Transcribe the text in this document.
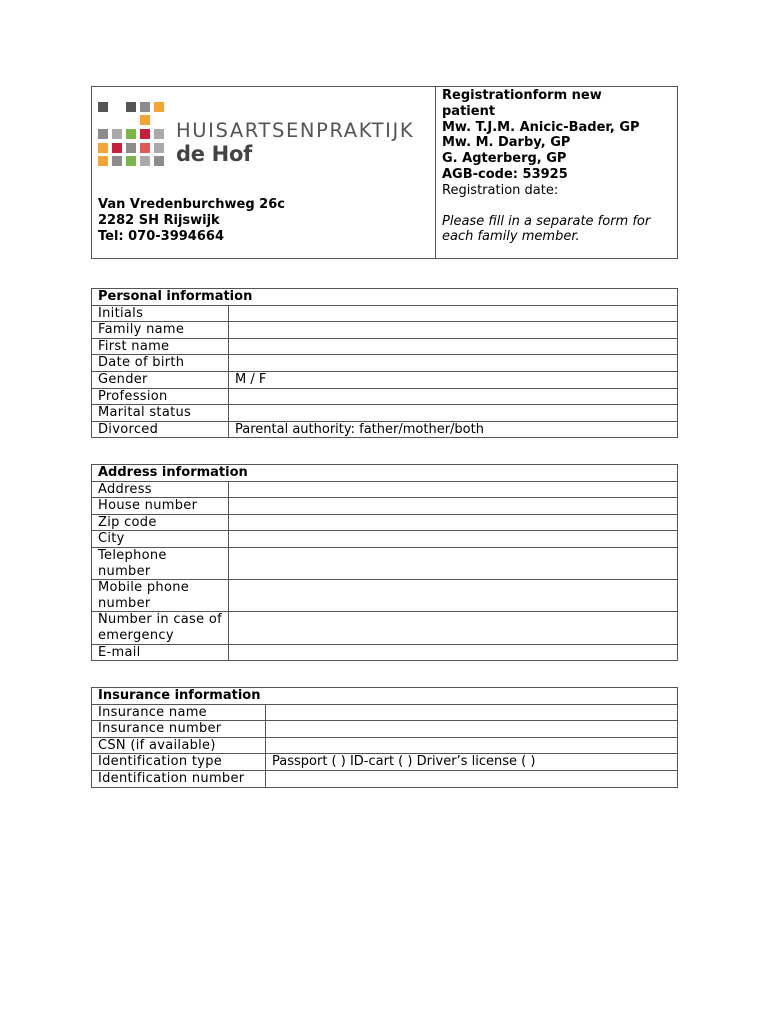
HUISARTSENPRAKTIJK
de Hof
Van Vredenburchweg 26c
2282 SH Rijswijk
Tel: 070-3994664
Registrationform new
patient
Mw. T.J.M. Anicic-Bader, GP
Mw. M. Darby, GP
G. Agterberg, GP
AGB-code: 53925
Registration date:
Please fill in a separate form for
each family member.
Personal information	
Initials	
Family name	
First name	
Date of birth	
Gender	M / F
Profession	
Marital status	
Divorced	Parental authority: father/mother/both
Address information	
Address	
House number	
Zip code	
City	
Telephone number	
Mobile phone number	
Number in case of emergency	
E-mail	
Insurance information	
Insurance name	
Insurance number	
CSN (if available)	
Identification type	Passport ( ) ID-cart ( ) Driver’s license ( )
Identification number	
